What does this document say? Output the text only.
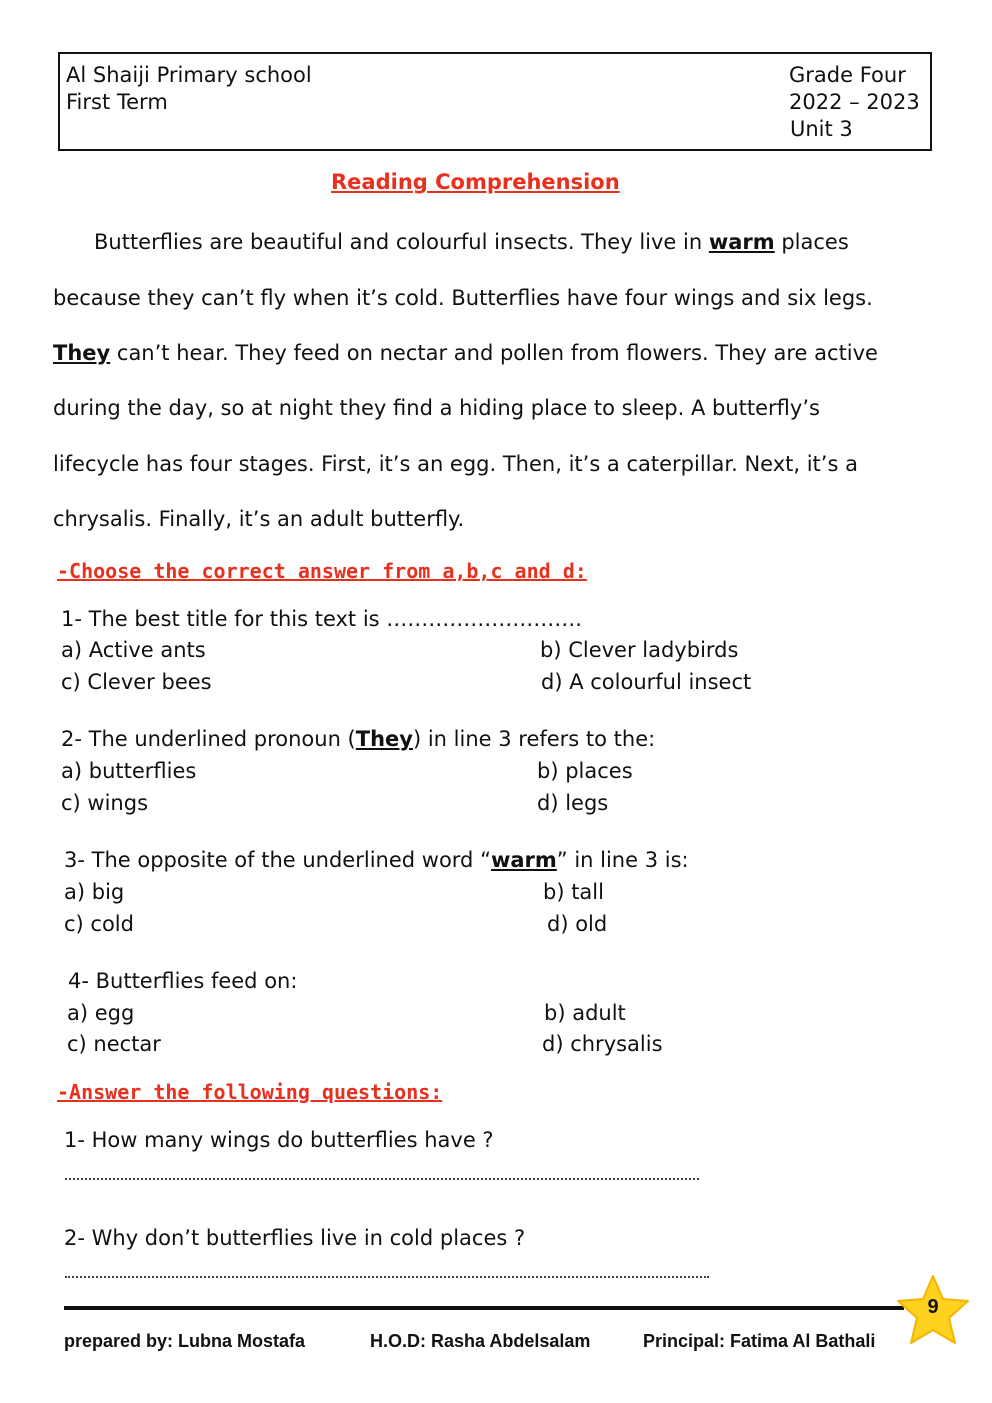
Al Shaiji Primary school
First Term
Grade Four
2022 – 2023
Unit 3
Reading Comprehension
Butterflies are beautiful and colourful insects. They live in warm places
because they can’t fly when it’s cold. Butterflies have four wings and six legs.
They can’t hear. They feed on nectar and pollen from flowers. They are active
during the day, so at night they find a hiding place to sleep. A butterfly’s
lifecycle has four stages. First, it’s an egg. Then, it’s a caterpillar. Next, it’s a
chrysalis. Finally, it’s an adult butterfly.
-Choose the correct answer from a,b,c and d:
1- The best title for this text is ……………………….
a) Active ants	b) Clever ladybirds
c) Clever bees	d) A colourful insect
2- The underlined pronoun (They) in line 3 refers to the:
a) butterflies	b) places
c) wings	d) legs
3- The opposite of the underlined word “warm” in line 3 is:
a) big	b) tall
c) cold	d) old
4- Butterflies feed on:
a) egg	b) adult
c) nectar	d) chrysalis
-Answer the following questions:
1- How many wings do butterflies have ?
2- Why don’t butterflies live in cold places ?
9
prepared by: Lubna Mostafa	H.O.D: Rasha Abdelsalam	Principal: Fatima Al Bathali
